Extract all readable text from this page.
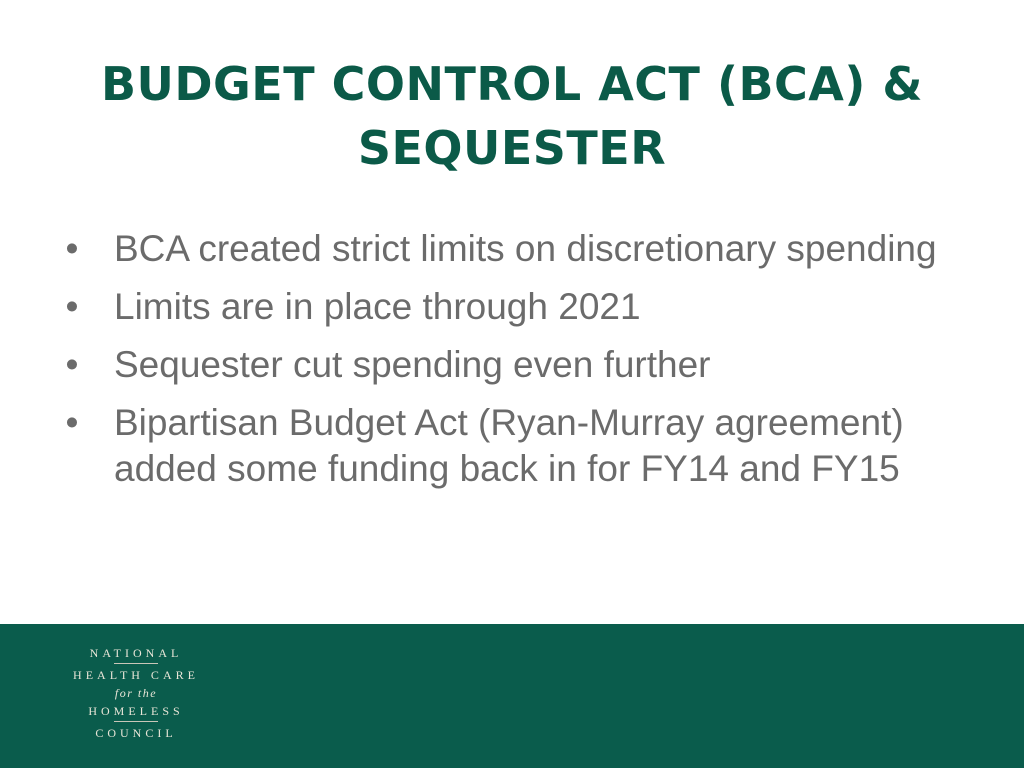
BUDGET CONTROL ACT (BCA) &
SEQUESTER
• BCA created strict limits on discretionary spending
• Limits are in place through 2021
• Sequester cut spending even further
• Bipartisan Budget Act (Ryan-Murray agreement) added some funding back in for FY14 and FY15
NATIONAL
HEALTH CARE
for the
HOMELESS
COUNCIL
